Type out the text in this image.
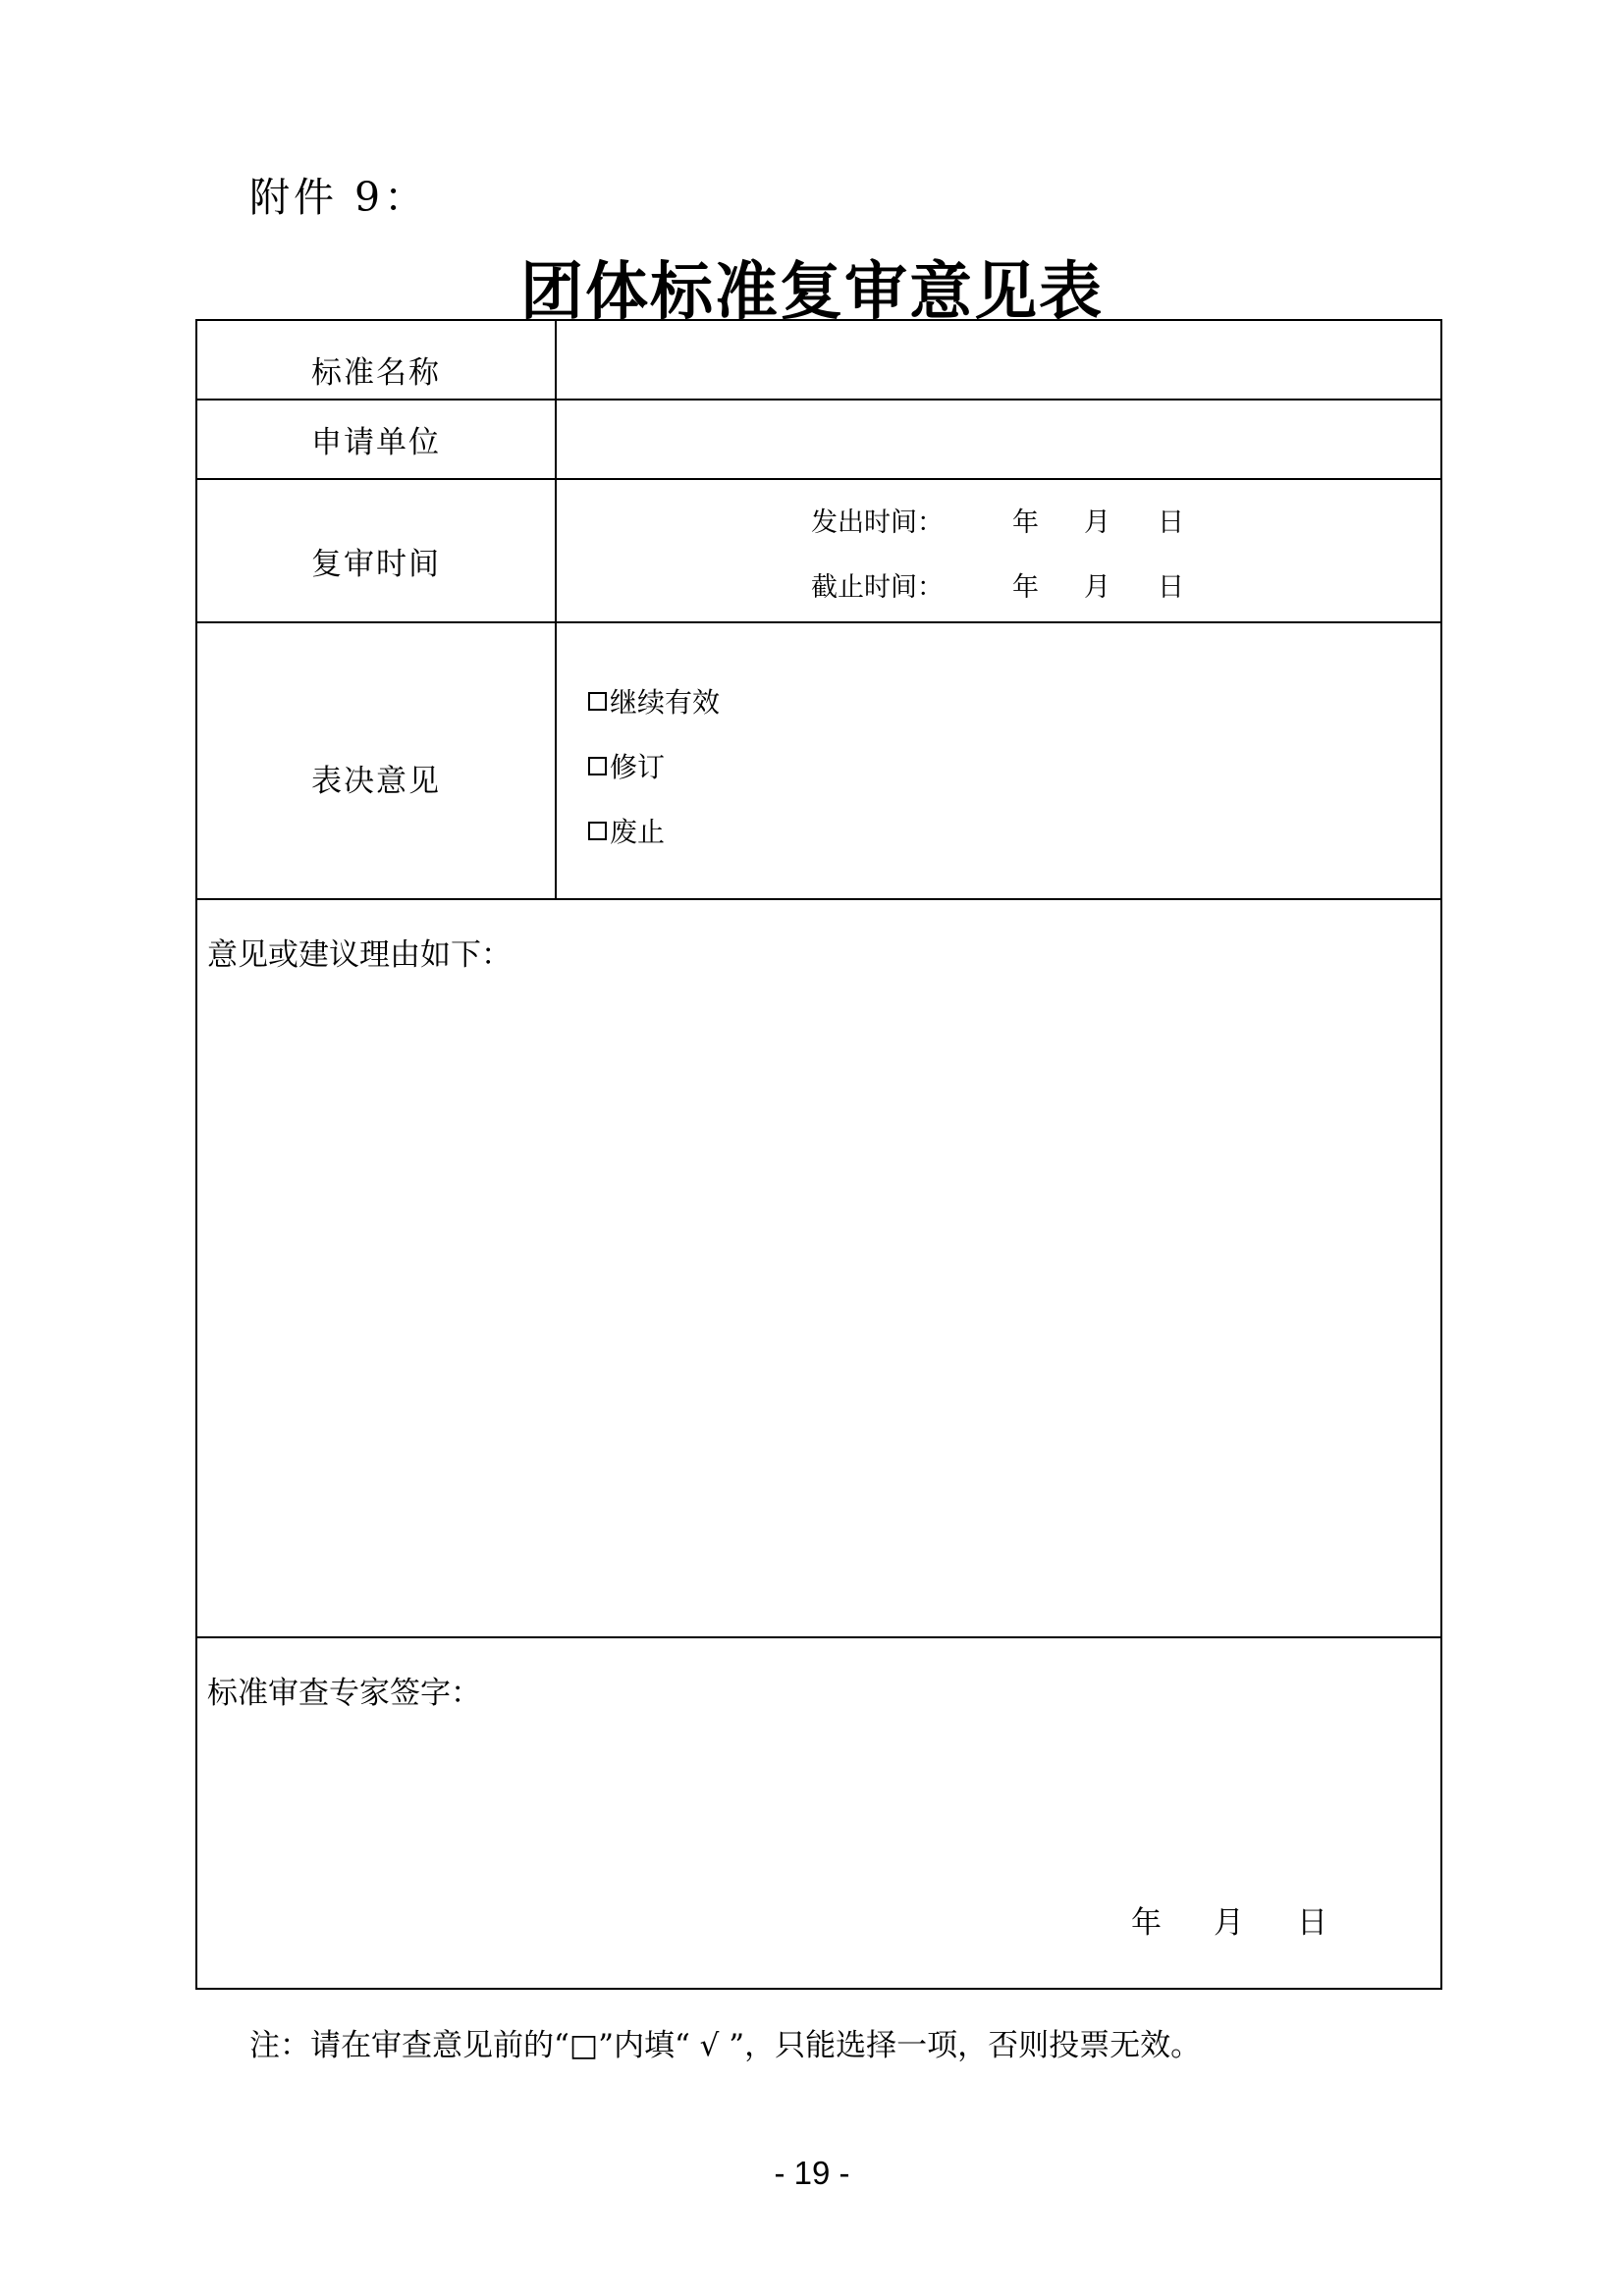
附件 9：
团体标准复审意见表
标准名称
申请单位
复审时间
发出时间：	年 月 日
截止时间：	年 月 日
表决意见
继续有效
修订
废止
意见或建议理由如下：
标准审查专家签字：
年 月 日
注：请在审查意见前的“□”内填“ √ ”，只能选择一项，否则投票无效。
- 19 -
